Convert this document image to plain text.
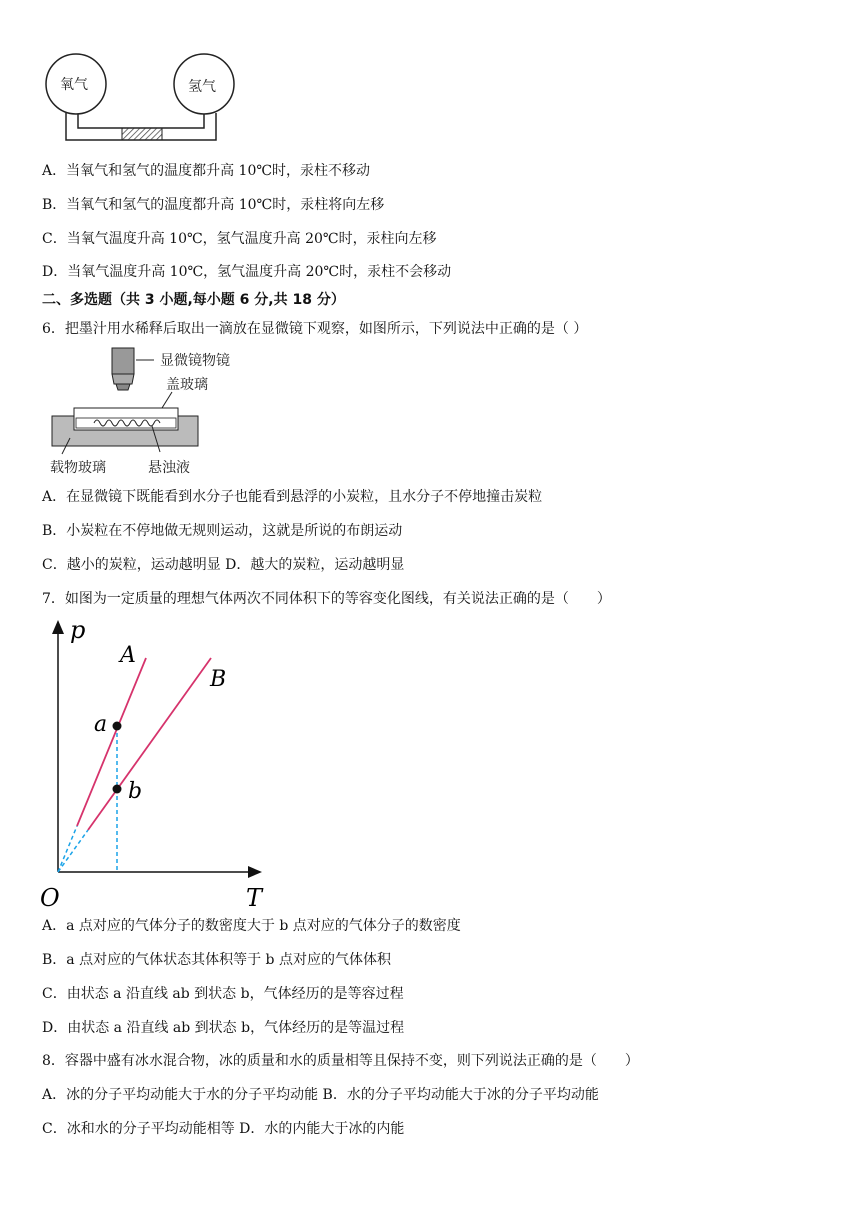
氧气	氢气
A．当氧气和氢气的温度都升高 10℃时，汞柱不移动
B．当氧气和氢气的温度都升高 10℃时，汞柱将向左移
C．当氧气温度升高 10℃，氢气温度升高 20℃时，汞柱向左移
D．当氧气温度升高 10℃，氢气温度升高 20℃时，汞柱不会移动
二、多选题（共 3 小题,每小题 6 分,共 18 分）
6．把墨汁用水稀释后取出一滴放在显微镜下观察，如图所示，下列说法中正确的是（ ）
显微镜物镜
盖玻璃
载物玻璃	悬浊液
A．在显微镜下既能看到水分子也能看到悬浮的小炭粒，且水分子不停地撞击炭粒
B．小炭粒在不停地做无规则运动，这就是所说的布朗运动
C．越小的炭粒，运动越明显 D．越大的炭粒，运动越明显
7．如图为一定质量的理想气体两次不同体积下的等容变化图线，有关说法正确的是（　　）
p
T
O
A
B
a
b
A．a 点对应的气体分子的数密度大于 b 点对应的气体分子的数密度
B．a 点对应的气体状态其体积等于 b 点对应的气体体积
C．由状态 a 沿直线 ab 到状态 b，气体经历的是等容过程
D．由状态 a 沿直线 ab 到状态 b，气体经历的是等温过程
8．容器中盛有冰水混合物，冰的质量和水的质量相等且保持不变，则下列说法正确的是（　　）
A．冰的分子平均动能大于水的分子平均动能 B．水的分子平均动能大于冰的分子平均动能
C．冰和水的分子平均动能相等 D．水的内能大于冰的内能
